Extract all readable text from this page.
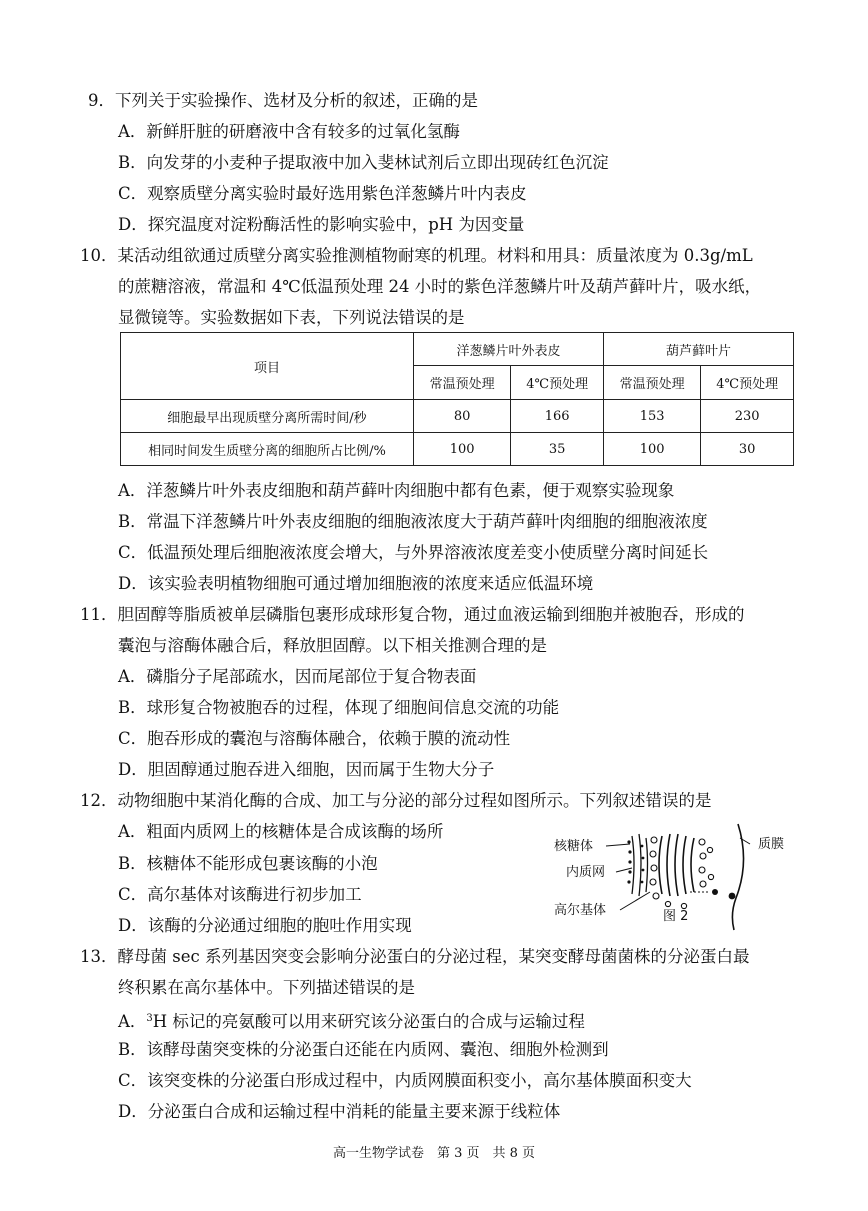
9．下列关于实验操作、选材及分析的叙述，正确的是
A．新鲜肝脏的研磨液中含有较多的过氧化氢酶
B．向发芽的小麦种子提取液中加入斐林试剂后立即出现砖红色沉淀
C．观察质壁分离实验时最好选用紫色洋葱鳞片叶内表皮
D．探究温度对淀粉酶活性的影响实验中，pH 为因变量
10．某活动组欲通过质壁分离实验推测植物耐寒的机理。材料和用具：质量浓度为 0.3g/mL
的蔗糖溶液，常温和 4℃低温预处理 24 小时的紫色洋葱鳞片叶及葫芦藓叶片，吸水纸，
显微镜等。实验数据如下表，下列说法错误的是
项目	洋葱鳞片叶外表皮		葫芦藓叶片	
	常温预处理	4℃预处理	常温预处理	4℃预处理
细胞最早出现质壁分离所需时间/秒	80	166	153	230
相同时间发生质壁分离的细胞所占比例/%	100	35	100	30
A．洋葱鳞片叶外表皮细胞和葫芦藓叶肉细胞中都有色素，便于观察实验现象
B．常温下洋葱鳞片叶外表皮细胞的细胞液浓度大于葫芦藓叶肉细胞的细胞液浓度
C．低温预处理后细胞液浓度会增大，与外界溶液浓度差变小使质壁分离时间延长
D．该实验表明植物细胞可通过增加细胞液的浓度来适应低温环境
11．胆固醇等脂质被单层磷脂包裹形成球形复合物，通过血液运输到细胞并被胞吞，形成的
囊泡与溶酶体融合后，释放胆固醇。以下相关推测合理的是
A．磷脂分子尾部疏水，因而尾部位于复合物表面
B．球形复合物被胞吞的过程，体现了细胞间信息交流的功能
C．胞吞形成的囊泡与溶酶体融合，依赖于膜的流动性
D．胆固醇通过胞吞进入细胞，因而属于生物大分子
12．动物细胞中某消化酶的合成、加工与分泌的部分过程如图所示。下列叙述错误的是
A．粗面内质网上的核糖体是合成该酶的场所
B．核糖体不能形成包裹该酶的小泡
C．高尔基体对该酶进行初步加工
D．该酶的分泌通过细胞的胞吐作用实现
核糖体
内质网
高尔基体
质膜
图 2
13．酵母菌 sec 系列基因突变会影响分泌蛋白的分泌过程，某突变酵母菌菌株的分泌蛋白最
终积累在高尔基体中。下列描述错误的是
A．$^3$H 标记的亮氨酸可以用来研究该分泌蛋白的合成与运输过程
B．该酵母菌突变株的分泌蛋白还能在内质网、囊泡、细胞外检测到
C．该突变株的分泌蛋白形成过程中，内质网膜面积变小，高尔基体膜面积变大
D．分泌蛋白合成和运输过程中消耗的能量主要来源于线粒体
高一生物学试卷　第 3 页　共 8 页
